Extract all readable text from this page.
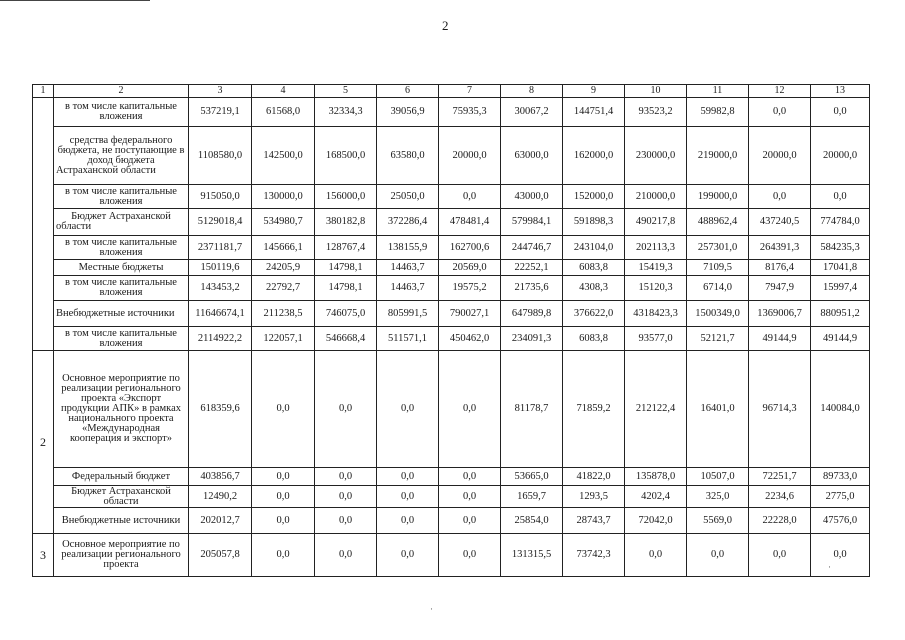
2
1	2	3	4	5	6	7	8	9	10	11	12	13
	в том числе капитальные вложения	537219,1	61568,0	32334,3	39056,9	75935,3	30067,2	144751,4	93523,2	59982,8	0,0	0,0
	средства федерального бюджета, не поступающие в доход бюджета Астраханской области	1108580,0	142500,0	168500,0	63580,0	20000,0	63000,0	162000,0	230000,0	219000,0	20000,0	20000,0
	в том числе капитальные вложения	915050,0	130000,0	156000,0	25050,0	0,0	43000,0	152000,0	210000,0	199000,0	0,0	0,0
	Бюджет Астраханской области	5129018,4	534980,7	380182,8	372286,4	478481,4	579984,1	591898,3	490217,8	488962,4	437240,5	774784,0
	в том числе капитальные вложения	2371181,7	145666,1	128767,4	138155,9	162700,6	244746,7	243104,0	202113,3	257301,0	264391,3	584235,3
	Местные бюджеты	150119,6	24205,9	14798,1	14463,7	20569,0	22252,1	6083,8	15419,3	7109,5	8176,4	17041,8
	в том числе капитальные вложения	143453,2	22792,7	14798,1	14463,7	19575,2	21735,6	4308,3	15120,3	6714,0	7947,9	15997,4
	Внебюджетные источники	11646674,1	211238,5	746075,0	805991,5	790027,1	647989,8	376622,0	4318423,3	1500349,0	1369006,7	880951,2
	в том числе капитальные вложения	2114922,2	122057,1	546668,4	511571,1	450462,0	234091,3	6083,8	93577,0	52121,7	49144,9	49144,9
2	Основное мероприятие по реализации регионального проекта «Экспорт продукции АПК» в рамках национального проекта «Международная кооперация и экспорт»	618359,6	0,0	0,0	0,0	0,0	81178,7	71859,2	212122,4	16401,0	96714,3	140084,0
	Федеральный бюджет	403856,7	0,0	0,0	0,0	0,0	53665,0	41822,0	135878,0	10507,0	72251,7	89733,0
	Бюджет Астраханской области	12490,2	0,0	0,0	0,0	0,0	1659,7	1293,5	4202,4	325,0	2234,6	2775,0
	Внебюджетные источники	202012,7	0,0	0,0	0,0	0,0	25854,0	28743,7	72042,0	5569,0	22228,0	47576,0
3	Основное мероприятие по реализации регионального проекта	205057,8	0,0	0,0	0,0	0,0	131315,5	73742,3	0,0	0,0	0,0	0,0
·
·
